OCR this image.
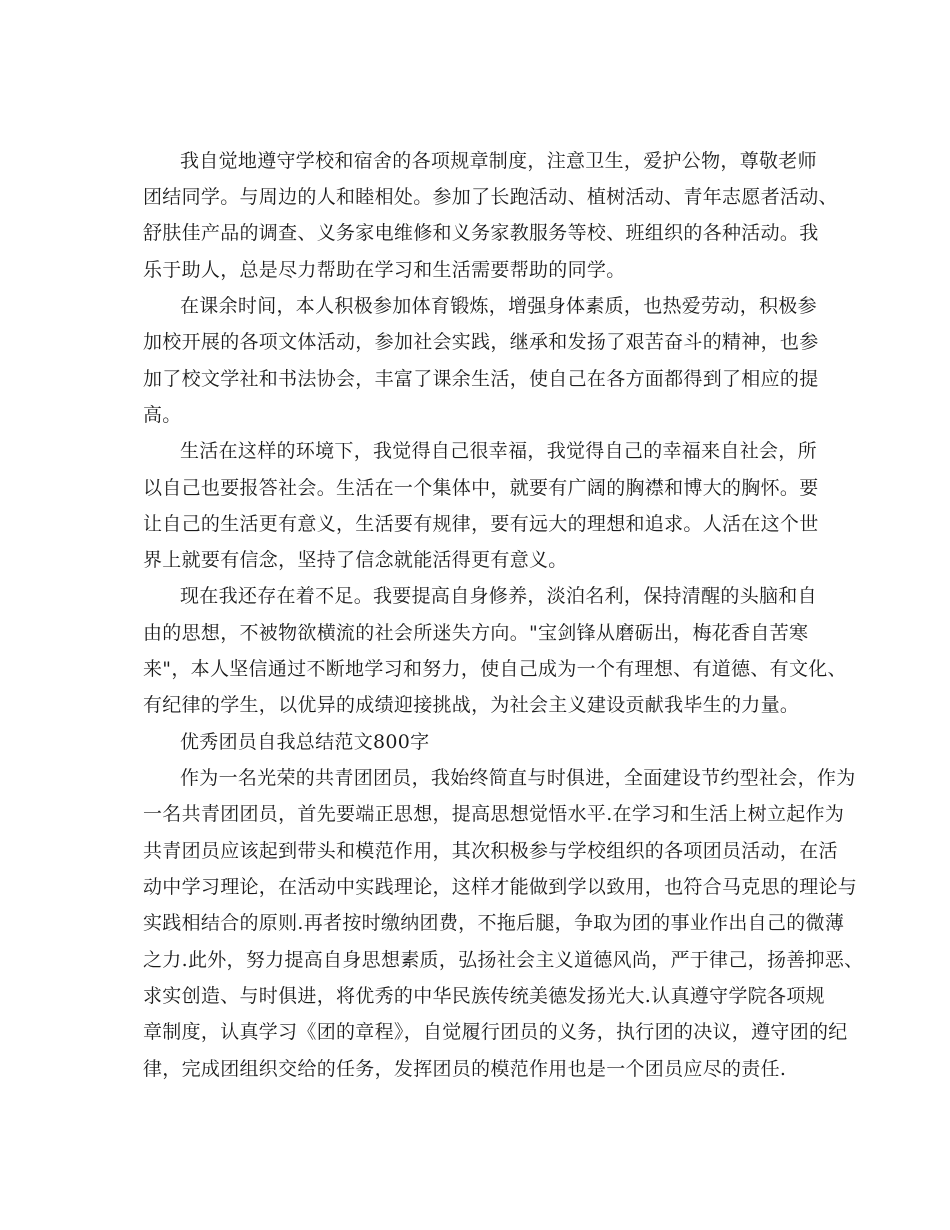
我自觉地遵守学校和宿舍的各项规章制度，注意卫生，爱护公物，尊敬老师
团结同学。与周边的人和睦相处。参加了长跑活动、植树活动、青年志愿者活动、
舒肤佳产品的调查、义务家电维修和义务家教服务等校、班组织的各种活动。我
乐于助人，总是尽力帮助在学习和生活需要帮助的同学。
在课余时间，本人积极参加体育锻炼，增强身体素质，也热爱劳动，积极参
加校开展的各项文体活动，参加社会实践，继承和发扬了艰苦奋斗的精神，也参
加了校文学社和书法协会，丰富了课余生活，使自己在各方面都得到了相应的提
高。
生活在这样的环境下，我觉得自己很幸福，我觉得自己的幸福来自社会，所
以自己也要报答社会。生活在一个集体中，就要有广阔的胸襟和博大的胸怀。要
让自己的生活更有意义，生活要有规律，要有远大的理想和追求。人活在这个世
界上就要有信念，坚持了信念就能活得更有意义。
现在我还存在着不足。我要提高自身修养，淡泊名利，保持清醒的头脑和自
由的思想，不被物欲横流的社会所迷失方向。"宝剑锋从磨砺出，梅花香自苦寒
来"，本人坚信通过不断地学习和努力，使自己成为一个有理想、有道德、有文化、
有纪律的学生，以优异的成绩迎接挑战，为社会主义建设贡献我毕生的力量。
优秀团员自我总结范文800字
作为一名光荣的共青团团员，我始终简直与时俱进，全面建设节约型社会，作为
一名共青团团员，首先要端正思想，提高思想觉悟水平.在学习和生活上树立起作为
共青团员应该起到带头和模范作用，其次积极参与学校组织的各项团员活动，在活
动中学习理论，在活动中实践理论，这样才能做到学以致用，也符合马克思的理论与
实践相结合的原则.再者按时缴纳团费，不拖后腿，争取为团的事业作出自己的微薄
之力.此外，努力提高自身思想素质，弘扬社会主义道德风尚，严于律己，扬善抑恶、
求实创造、与时俱进，将优秀的中华民族传统美德发扬光大.认真遵守学院各项规
章制度，认真学习《团的章程》，自觉履行团员的义务，执行团的决议，遵守团的纪
律，完成团组织交给的任务，发挥团员的模范作用也是一个团员应尽的责任.
